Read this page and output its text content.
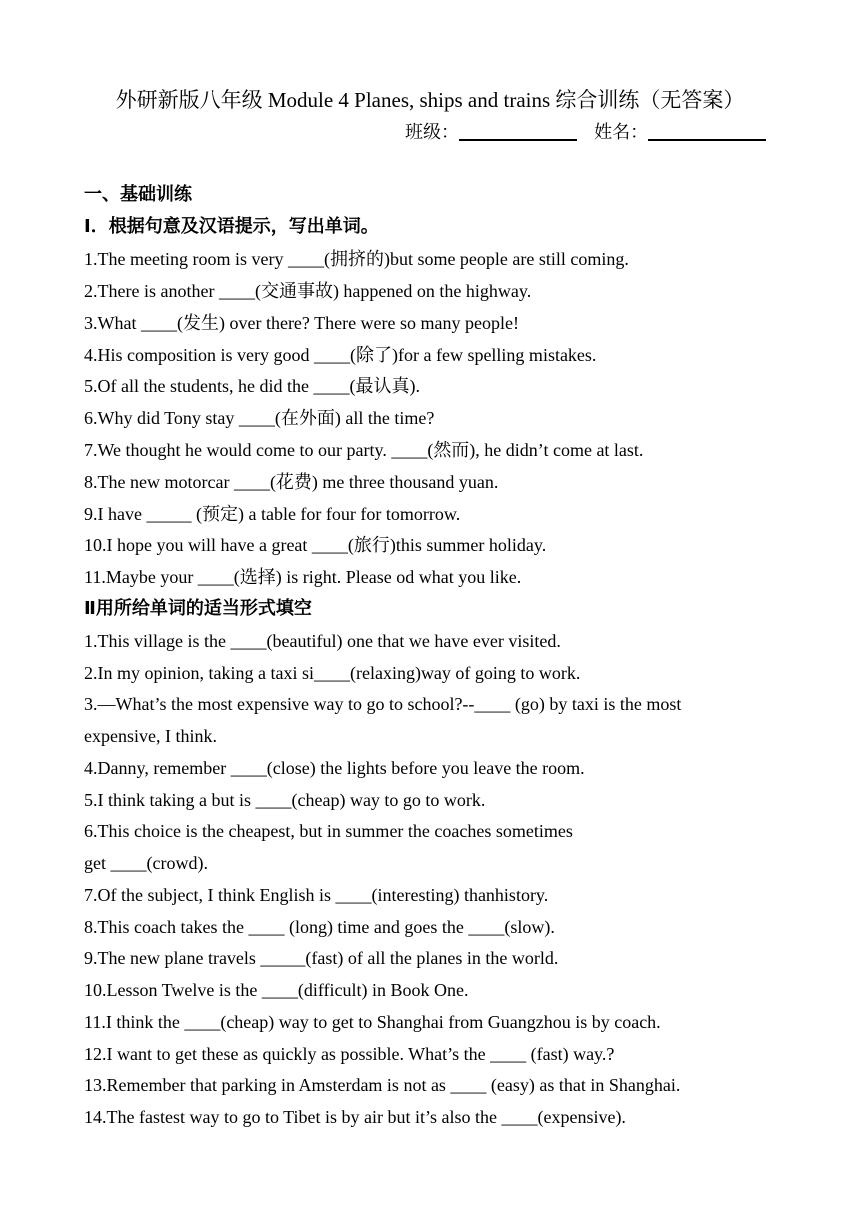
外研新版八年级 Module 4 Planes, ships and trains 综合训练（无答案）
班级：	姓名：
一、基础训练
Ⅰ．根据句意及汉语提示，写出单词。
1.The meeting room is very ____(拥挤的)but some people are still coming.
2.There is another ____(交通事故) happened on the highway.
3.What ____(发生) over there? There were so many people!
4.His composition is very good ____(除了)for a few spelling mistakes.
5.Of all the students, he did the ____(最认真).
6.Why did Tony stay ____(在外面) all the time?
7.We thought he would come to our party. ____(然而), he didn’t come at last.
8.The new motorcar ____(花费) me three thousand yuan.
9.I have _____ (预定) a table for four for tomorrow.
10.I hope you will have a great ____(旅行)this summer holiday.
11.Maybe your ____(选择) is right. Please od what you like.
Ⅱ用所给单词的适当形式填空
1.This village is the ____(beautiful) one that we have ever visited.
2.In my opinion, taking a taxi si____(relaxing)way of going to work.
3.—What’s the most expensive way to go to school?--____ (go) by taxi is the most
expensive, I think.
4.Danny, remember ____(close) the lights before you leave the room.
5.I think taking a but is ____(cheap) way to go to work.
6.This choice is the cheapest, but in summer the coaches sometimes
get ____(crowd).
7.Of the subject, I think English is ____(interesting) thanhistory.
8.This coach takes the ____ (long) time and goes the ____(slow).
9.The new plane travels _____(fast) of all the planes in the world.
10.Lesson Twelve is the ____(difficult) in Book One.
11.I think the ____(cheap) way to get to Shanghai from Guangzhou is by coach.
12.I want to get these as quickly as possible. What’s the ____ (fast) way.?
13.Remember that parking in Amsterdam is not as ____ (easy) as that in Shanghai.
14.The fastest way to go to Tibet is by air but it’s also the ____(expensive).
